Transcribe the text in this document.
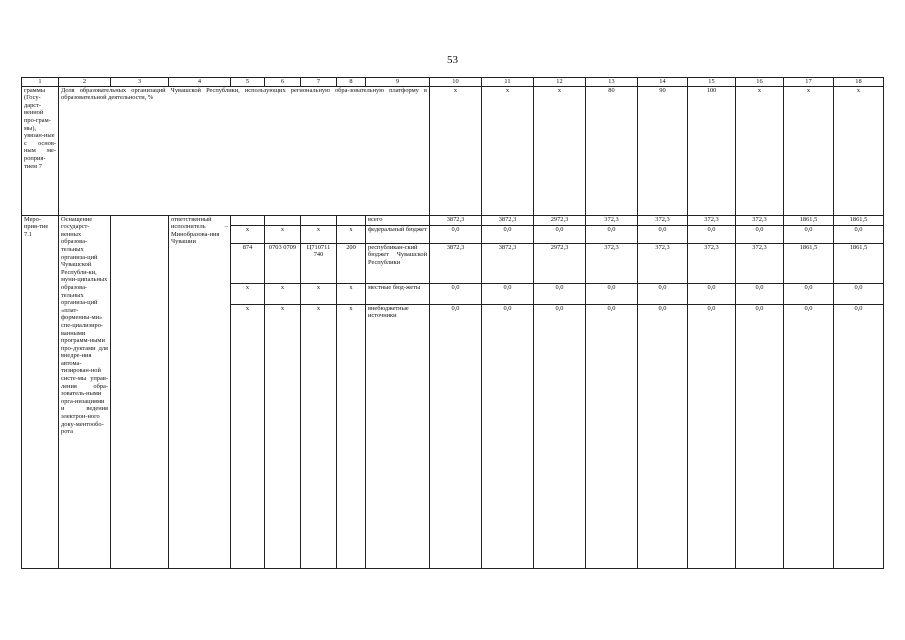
53
1	2	3	4	5	6	7	8	9	10	11	12	13	14	15	16	17	18
граммы (Госу-дарст-венной про-грам-мы), увязан-ные с основ-ным ме-роприя-тием 7	Доля образовательных организаций Чувашской Республики, использующих региональную обра-зовательную платформу в образовательной деятельности, %								x	x	x	80	90	100	x	x	x
Меро-прия-тие 7.1	Оснащение государст-венных образова-тельных организа-ций Чувашской Республи-ки, муни-ципальных образова-тельных организа-ций «плат-форменны-ми» спе-циализиро-ванными программ-ными про-дуктами для внедре-ния автома-тизирован-ной систе-мы управ-ления обра-зователь-ными орга-низациями и ведения электрон-ного доку-ментообо-рота		ответственный исполнитель – Минобразова-ния Чувашии					всего	3872,3	3872,3	2972,3	372,3	372,3	372,3	372,3	1861,5	1861,5
				x	x	x	x	федеральный бюджет	0,0	0,0	0,0	0,0	0,0	0,0	0,0	0,0	0,0
				874	0703 0709	Ц710711 740	200	республикан-ский бюджет Чувашской Республики	3872,3	3872,3	2972,3	372,3	372,3	372,3	372,3	1861,5	1861,5
				x	x	x	x	местные бюд-жеты	0,0	0,0	0,0	0,0	0,0	0,0	0,0	0,0	0,0
				x	x	x	x	внебюджетные источники	0,0	0,0	0,0	0,0	0,0	0,0	0,0	0,0	0,0
